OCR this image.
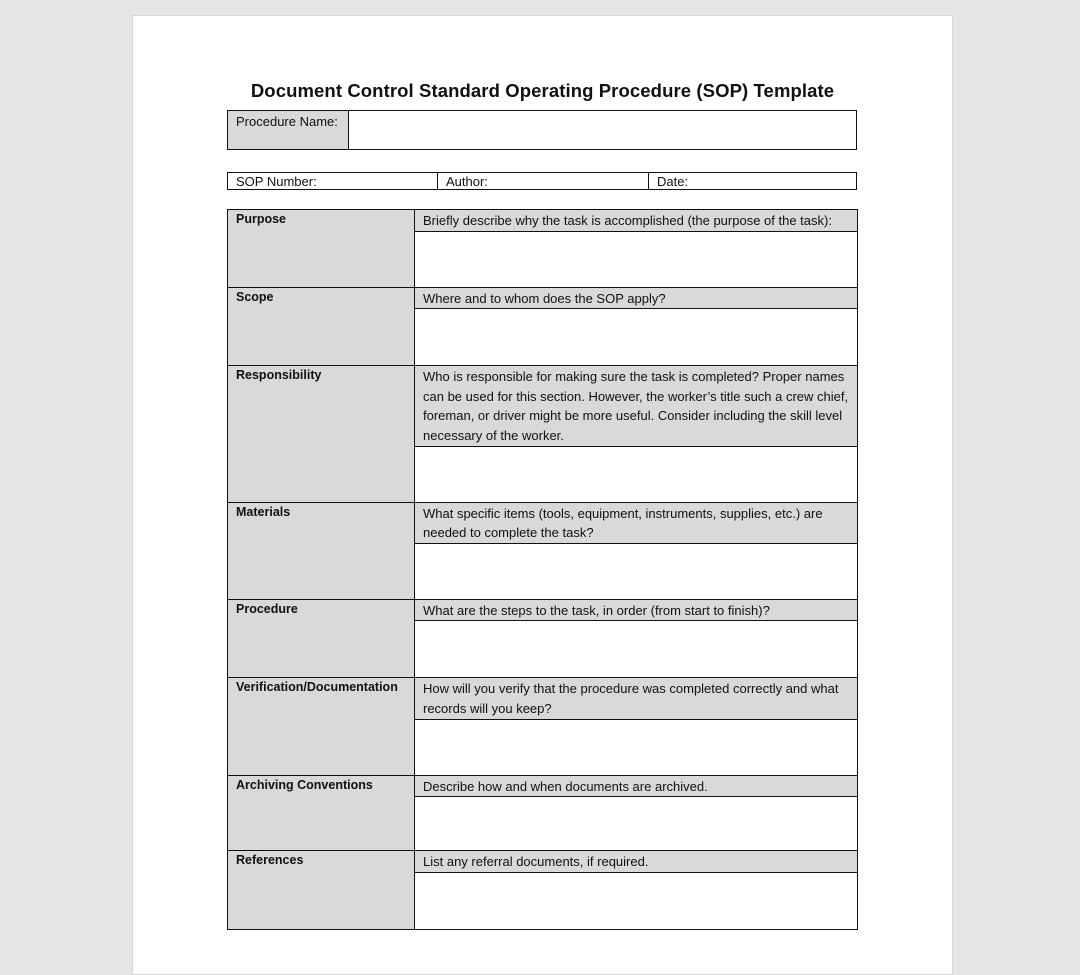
Document Control Standard Operating Procedure (SOP) Template
Procedure Name:
SOP Number:	Author:	Date:
Purpose	Briefly describe why the task is accomplished (the purpose of the task):

Scope	Where and to whom does the SOP apply?

Responsibility	Who is responsible for making sure the task is completed? Proper names can be used for this section. However, the worker’s title such a crew chief, foreman, or driver might be more useful. Consider including the skill level necessary of the worker.

Materials	What specific items (tools, equipment, instruments, supplies, etc.) are needed to complete the task?

Procedure	What are the steps to the task, in order (from start to finish)?

Verification/Documentation	How will you verify that the procedure was completed correctly and what records will you keep?

Archiving Conventions	Describe how and when documents are archived.

References	List any referral documents, if required.
